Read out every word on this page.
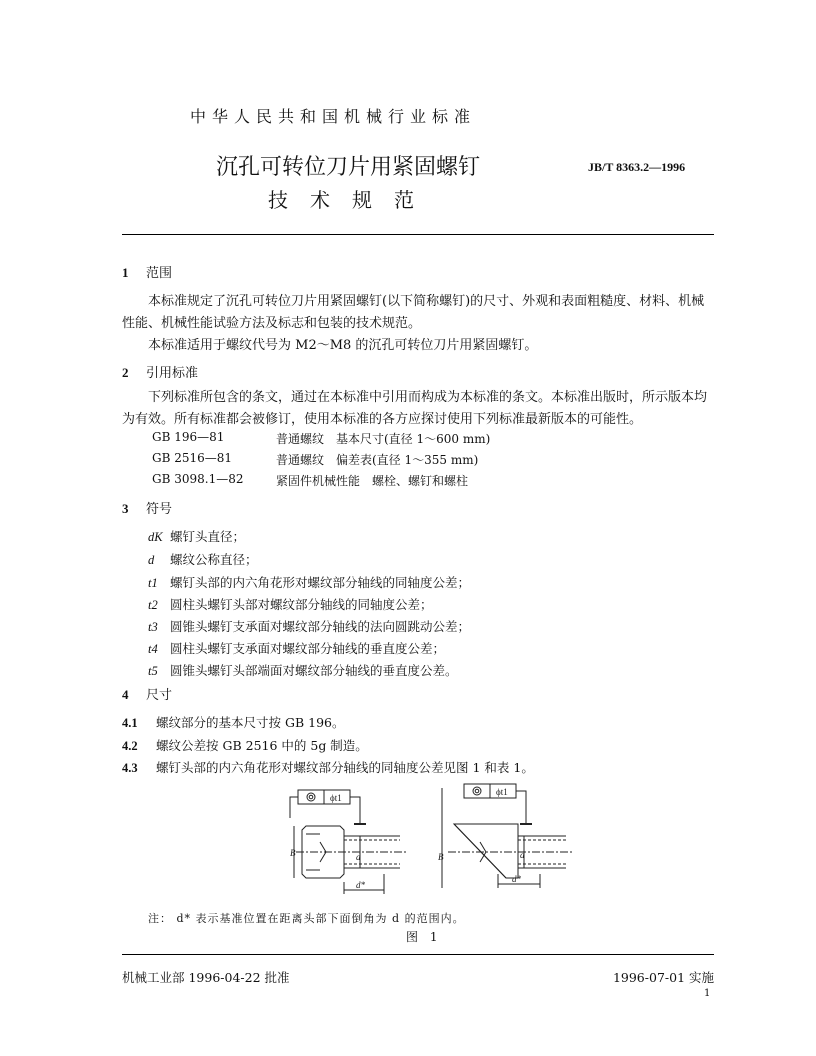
中华人民共和国机械行业标准
沉孔可转位刀片用紧固螺钉
技术规范
JB/T 8363.2—1996
1 范围
本标准规定了沉孔可转位刀片用紧固螺钉(以下简称螺钉)的尺寸、外观和表面粗糙度、材料、机械性能、机械性能试验方法及标志和包装的技术规范。
本标准适用于螺纹代号为 M2～M8 的沉孔可转位刀片用紧固螺钉。
2 引用标准
下列标准所包含的条文，通过在本标准中引用而构成为本标准的条文。本标准出版时，所示版本均为有效。所有标准都会被修订，使用本标准的各方应探讨使用下列标准最新版本的可能性。
GB 196—81	普通螺纹　基本尺寸(直径 1～600 mm)
GB 2516—81	普通螺纹　偏差表(直径 1～355 mm)
GB 3098.1—82	紧固件机械性能　螺栓、螺钉和螺柱
3 符号
dK 螺钉头直径；
d 螺纹公称直径；
t1 螺钉头部的内六角花形对螺纹部分轴线的同轴度公差；
t2 圆柱头螺钉头部对螺纹部分轴线的同轴度公差；
t3 圆锥头螺钉支承面对螺纹部分轴线的法向圆跳动公差；
t4 圆柱头螺钉支承面对螺纹部分轴线的垂直度公差；
t5 圆锥头螺钉头部端面对螺纹部分轴线的垂直度公差。
4 尺寸
4.1 螺纹部分的基本尺寸按 GB 196。
4.2 螺纹公差按 GB 2516 中的 5g 制造。
4.3 螺钉头部的内六角花形对螺纹部分轴线的同轴度公差见图 1 和表 1。
ϕt1
ϕt1
B	B
d	d
d*
d*
注： d* 表示基准位置在距离头部下面倒角为 d 的范围内。
图 1
机械工业部 1996-04-22 批准	1996-07-01 实施
1
